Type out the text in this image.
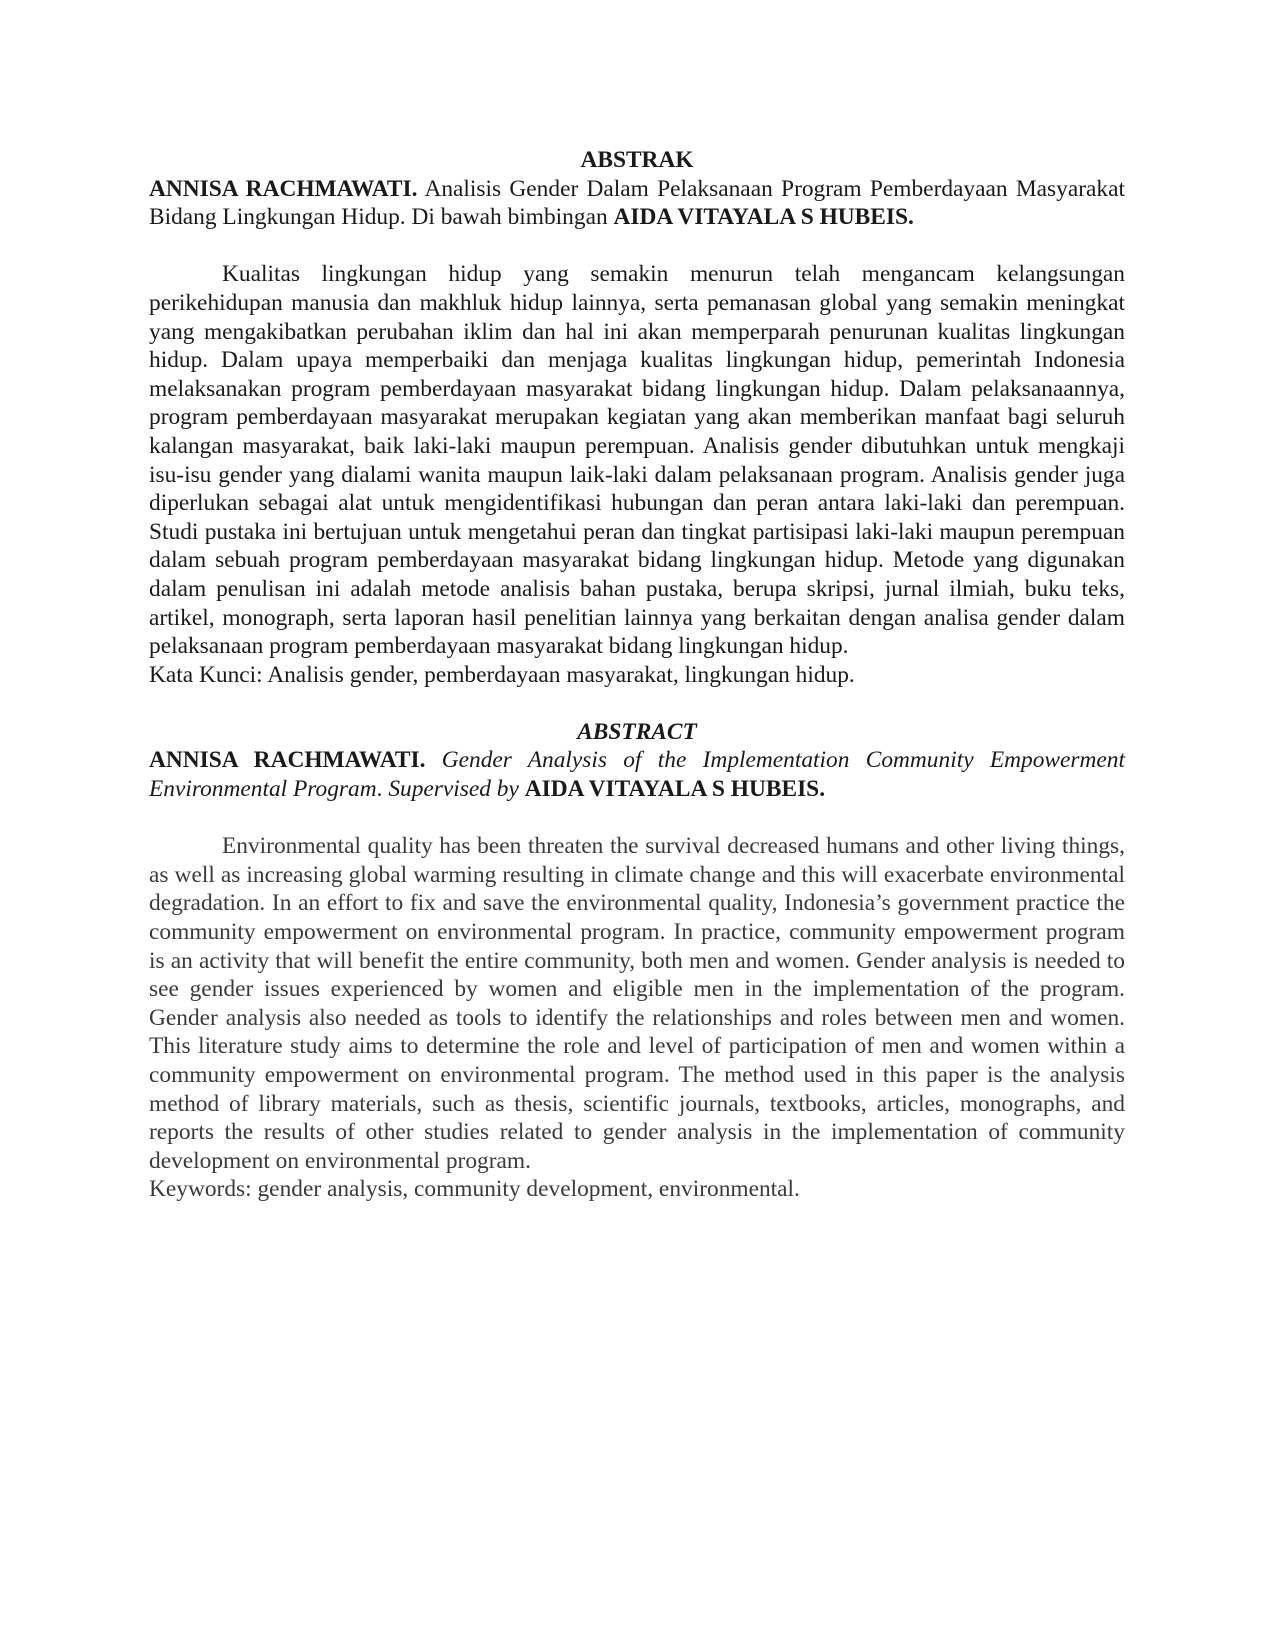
ABSTRAK

ANNISA RACHMAWATI. Analisis Gender Dalam Pelaksanaan Program Pemberdayaan Masyarakat Bidang Lingkungan Hidup. Di bawah bimbingan AIDA VITAYALA S HUBEIS.

Kualitas lingkungan hidup yang semakin menurun telah mengancam kelangsungan perikehidupan manusia dan makhluk hidup lainnya, serta pemanasan global yang semakin meningkat yang mengakibatkan perubahan iklim dan hal ini akan memperparah penurunan kualitas lingkungan hidup. Dalam upaya memperbaiki dan menjaga kualitas lingkungan hidup, pemerintah Indonesia melaksanakan program pemberdayaan masyarakat bidang lingkungan hidup. Dalam pelaksanaannya, program pemberdayaan masyarakat merupakan kegiatan yang akan memberikan manfaat bagi seluruh kalangan masyarakat, baik laki-laki maupun perempuan. Analisis gender dibutuhkan untuk mengkaji isu-isu gender yang dialami wanita maupun laik-laki dalam pelaksanaan program. Analisis gender juga diperlukan sebagai alat untuk mengidentifikasi hubungan dan peran antara laki-laki dan perempuan. Studi pustaka ini bertujuan untuk mengetahui peran dan tingkat partisipasi laki-laki maupun perempuan dalam sebuah program pemberdayaan masyarakat bidang lingkungan hidup. Metode yang digunakan dalam penulisan ini adalah metode analisis bahan pustaka, berupa skripsi, jurnal ilmiah, buku teks, artikel, monograph, serta laporan hasil penelitian lainnya yang berkaitan dengan analisa gender dalam pelaksanaan program pemberdayaan masyarakat bidang lingkungan hidup.

Kata Kunci: Analisis gender, pemberdayaan masyarakat, lingkungan hidup.

ABSTRACT

ANNISA RACHMAWATI. Gender Analysis of the Implementation Community Empowerment Environmental Program. Supervised by AIDA VITAYALA S HUBEIS.

Environmental quality has been threaten the survival decreased humans and other living things, as well as increasing global warming resulting in climate change and this will exacerbate environmental degradation. In an effort to fix and save the environmental quality, Indonesia’s government practice the community empowerment on environmental program. In practice, community empowerment program is an activity that will benefit the entire community, both men and women. Gender analysis is needed to see gender issues experienced by women and eligible men in the implementation of the program. Gender analysis also needed as tools to identify the relationships and roles between men and women. This literature study aims to determine the role and level of participation of men and women within a community empowerment on environmental program. The method used in this paper is the analysis method of library materials, such as thesis, scientific journals, textbooks, articles, monographs, and reports the results of other studies related to gender analysis in the implementation of community development on environmental program.

Keywords: gender analysis, community development, environmental.
